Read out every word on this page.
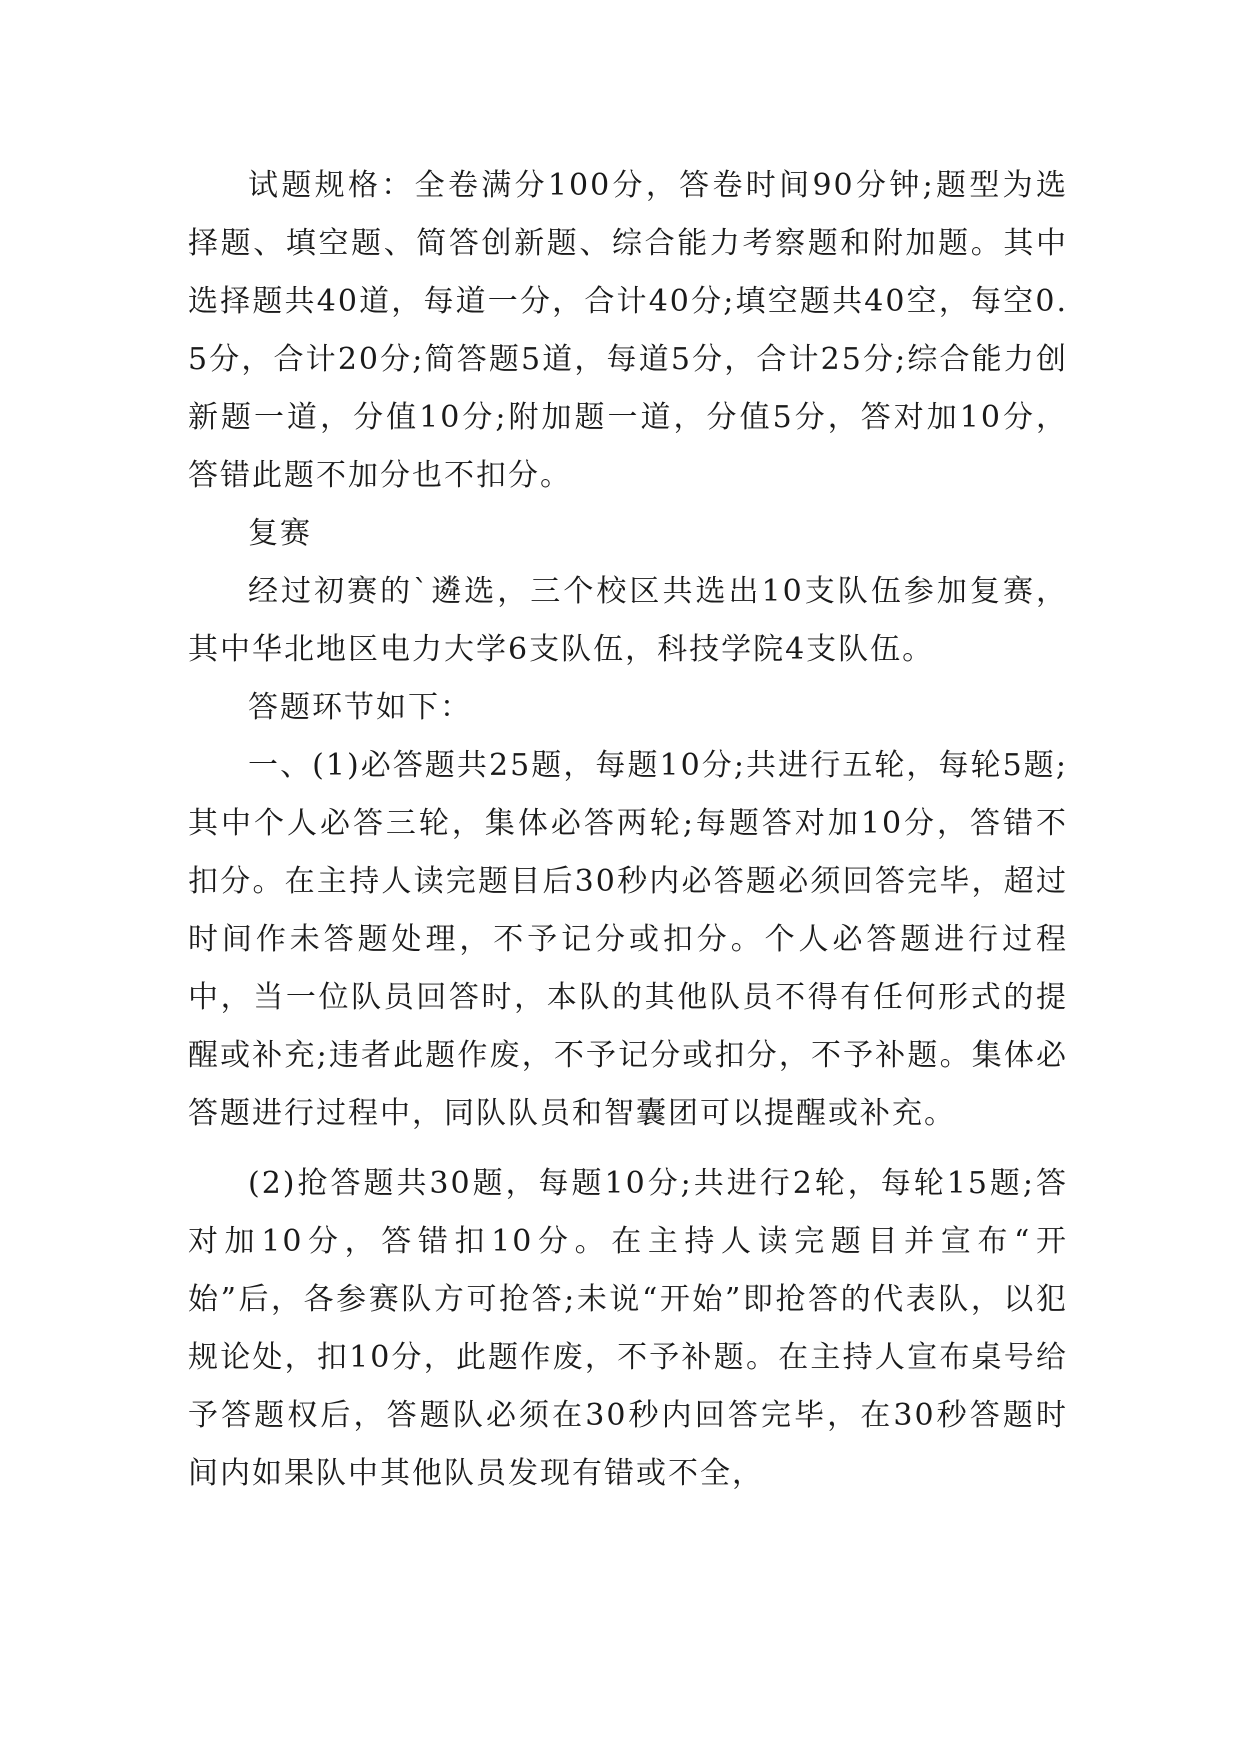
试题规格：全卷满分100分，答卷时间90分钟;题型为选择题、填空题、简答创新题、综合能力考察题和附加题。其中选择题共40道，每道一分，合计40分;填空题共40空，每空0.5分，合计20分;简答题5道，每道5分，合计25分;综合能力创新题一道，分值10分;附加题一道，分值5分，答对加10分，答错此题不加分也不扣分。

复赛

经过初赛的`遴选，三个校区共选出10支队伍参加复赛，其中华北地区电力大学6支队伍，科技学院4支队伍。

答题环节如下：

一、(1)必答题共25题，每题10分;共进行五轮，每轮5题;其中个人必答三轮，集体必答两轮;每题答对加10分，答错不扣分。在主持人读完题目后30秒内必答题必须回答完毕，超过时间作未答题处理，不予记分或扣分。个人必答题进行过程中，当一位队员回答时，本队的其他队员不得有任何形式的提醒或补充;违者此题作废，不予记分或扣分，不予补题。集体必答题进行过程中，同队队员和智囊团可以提醒或补充。

(2)抢答题共30题，每题10分;共进行2轮，每轮15题;答对加10分，答错扣10分。在主持人读完题目并宣布“开始”后，各参赛队方可抢答;未说“开始”即抢答的代表队，以犯规论处，扣10分，此题作废，不予补题。在主持人宣布桌号给予答题权后，答题队必须在30秒内回答完毕，在30秒答题时间内如果队中其他队员发现有错或不全，
